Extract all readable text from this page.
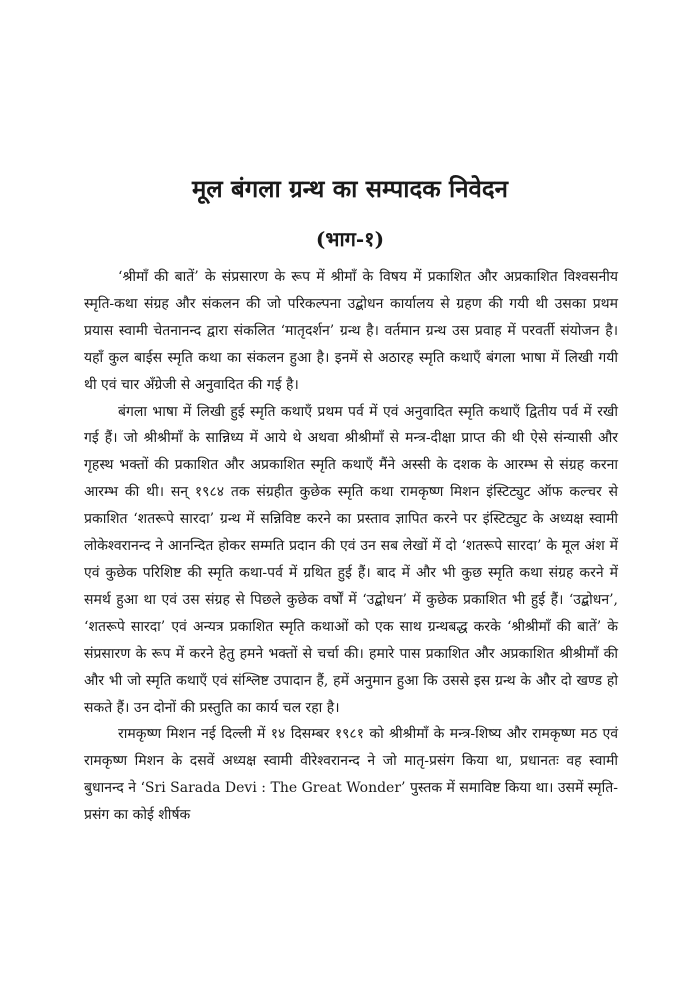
मूल बंगला ग्रन्थ का सम्पादक निवेदन
(भाग-१)

‘श्रीमाँ की बातें’ के संप्रसारण के रूप में श्रीमाँ के विषय में प्रकाशित और अप्रकाशित विश्वसनीय स्मृति-कथा संग्रह और संकलन की जो परिकल्पना उद्बोधन कार्यालय से ग्रहण की गयी थी उसका प्रथम प्रयास स्वामी चेतनानन्द द्वारा संकलित ‘मातृदर्शन’ ग्रन्थ है। वर्तमान ग्रन्थ उस प्रवाह में परवर्ती संयोजन है। यहाँ कुल बाईस स्मृति कथा का संकलन हुआ है। इनमें से अठारह स्मृति कथाएँ बंगला भाषा में लिखी गयी थी एवं चार अँग्रेजी से अनुवादित की गई है।

बंगला भाषा में लिखी हुई स्मृति कथाएँ प्रथम पर्व में एवं अनुवादित स्मृति कथाएँ द्वितीय पर्व में रखी गई हैं। जो श्रीश्रीमाँ के सान्निध्य में आये थे अथवा श्रीश्रीमाँ से मन्त्र-दीक्षा प्राप्त की थी ऐसे संन्यासी और गृहस्थ भक्तों की प्रकाशित और अप्रकाशित स्मृति कथाएँ मैंने अस्सी के दशक के आरम्भ से संग्रह करना आरम्भ की थी। सन् १९८४ तक संग्रहीत कुछेक स्मृति कथा रामकृष्ण मिशन इंस्टिट्युट ऑफ कल्चर से प्रकाशित ‘शतरूपे सारदा’ ग्रन्थ में सन्निविष्ट करने का प्रस्ताव ज्ञापित करने पर इंस्टिट्युट के अध्यक्ष स्वामी लोकेश्वरानन्द ने आनन्दित होकर सम्मति प्रदान की एवं उन सब लेखों में दो ‘शतरूपे सारदा’ के मूल अंश में एवं कुछेक परिशिष्ट की स्मृति कथा-पर्व में ग्रथित हुई हैं। बाद में और भी कुछ स्मृति कथा संग्रह करने में समर्थ हुआ था एवं उस संग्रह से पिछले कुछेक वर्षों में ‘उद्बोधन’ में कुछेक प्रकाशित भी हुई हैं। ‘उद्बोधन’, ‘शतरूपे सारदा’ एवं अन्यत्र प्रकाशित स्मृति कथाओं को एक साथ ग्रन्थबद्ध करके ‘श्रीश्रीमाँ की बातें’ के संप्रसारण के रूप में करने हेतु हमने भक्तों से चर्चा की। हमारे पास प्रकाशित और अप्रकाशित श्रीश्रीमाँ की और भी जो स्मृति कथाएँ एवं संश्लिष्ट उपादान हैं, हमें अनुमान हुआ कि उससे इस ग्रन्थ के और दो खण्ड हो सकते हैं। उन दोनों की प्रस्तुति का कार्य चल रहा है।

रामकृष्ण मिशन नई दिल्ली में १४ दिसम्बर १९८१ को श्रीश्रीमाँ के मन्त्र-शिष्य और रामकृष्ण मठ एवं रामकृष्ण मिशन के दसवें अध्यक्ष स्वामी वीरेश्वरानन्द ने जो मातृ-प्रसंग किया था, प्रधानतः वह स्वामी बुधानन्द ने ‘Sri Sarada Devi : The Great Wonder’ पुस्तक में समाविष्ट किया था। उसमें स्मृति-प्रसंग का कोई शीर्षक
